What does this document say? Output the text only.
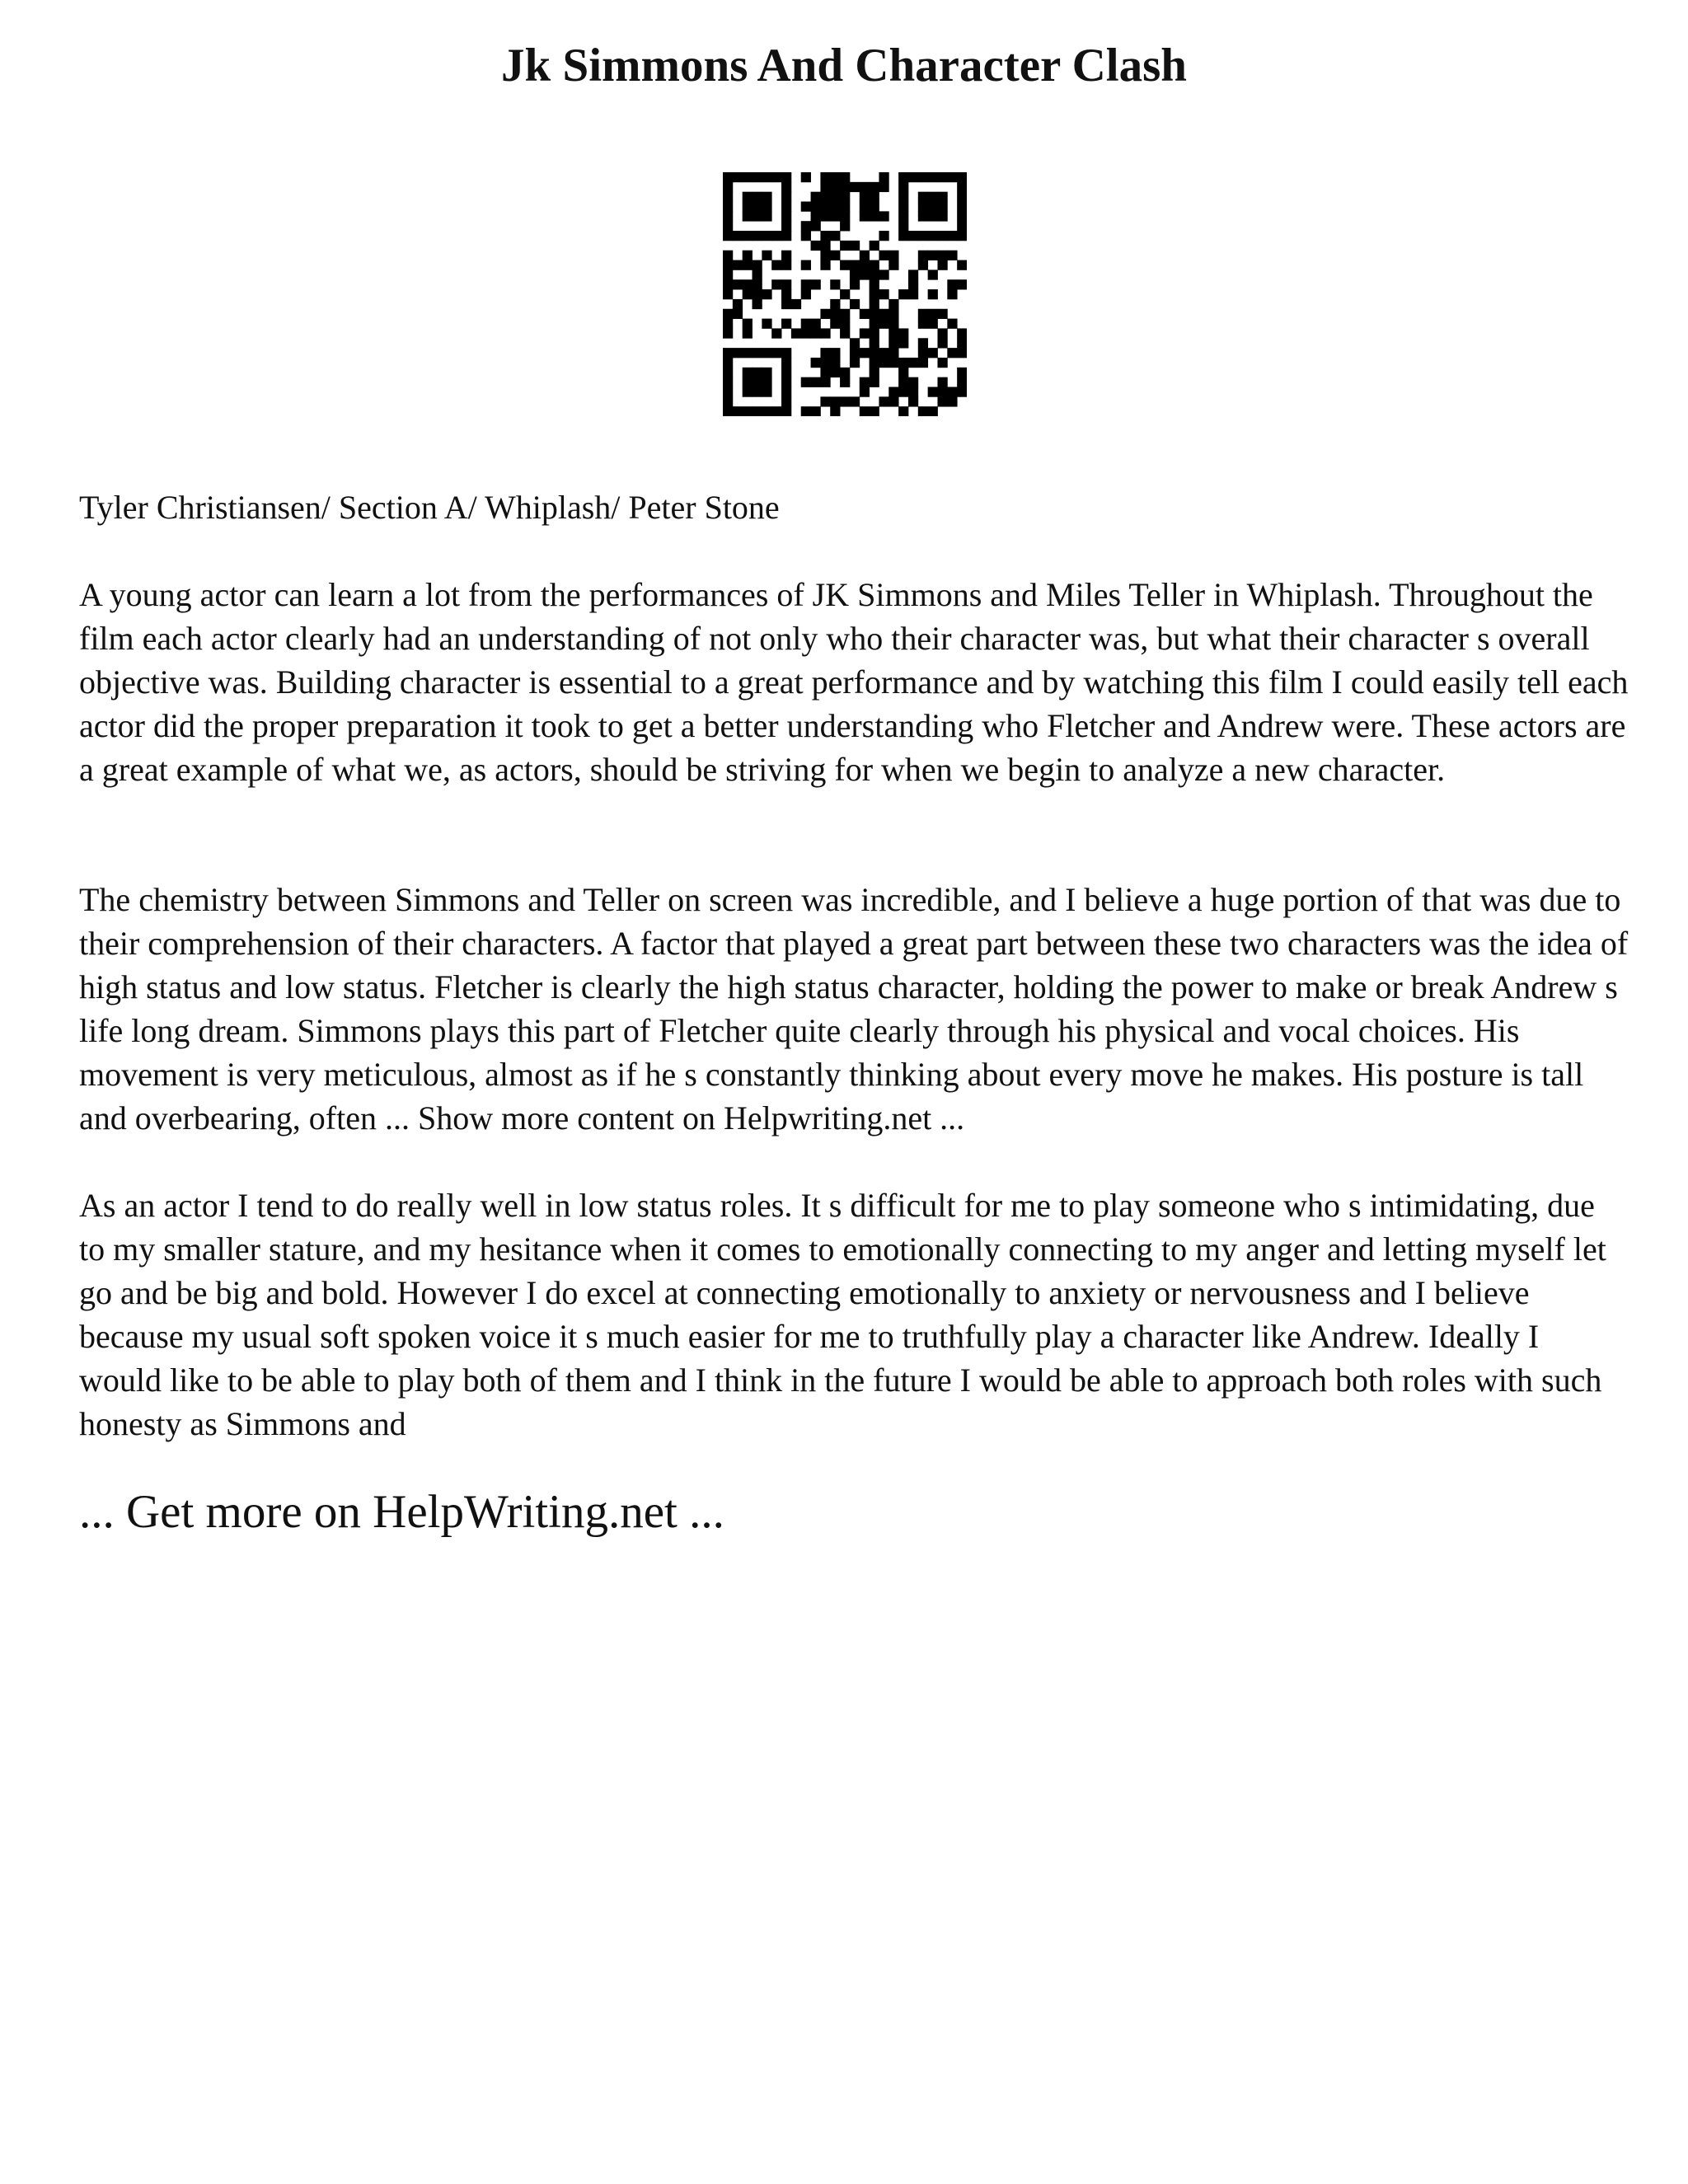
Jk Simmons And Character Clash

Tyler Christiansen/ Section A/ Whiplash/ Peter Stone

A young actor can learn a lot from the performances of JK Simmons and Miles Teller in Whiplash. Throughout the film each actor clearly had an understanding of not only who their character was, but what their character s overall objective was. Building character is essential to a great performance and by watching this film I could easily tell each actor did the proper preparation it took to get a better understanding who Fletcher and Andrew were. These actors are a great example of what we, as actors, should be striving for when we begin to analyze a new character.

The chemistry between Simmons and Teller on screen was incredible, and I believe a huge portion of that was due to their comprehension of their characters. A factor that played a great part between these two characters was the idea of high status and low status. Fletcher is clearly the high status character, holding the power to make or break Andrew s life long dream. Simmons plays this part of Fletcher quite clearly through his physical and vocal choices. His movement is very meticulous, almost as if he s constantly thinking about every move he makes. His posture is tall and overbearing, often ... Show more content on Helpwriting.net ...

As an actor I tend to do really well in low status roles. It s difficult for me to play someone who s intimidating, due to my smaller stature, and my hesitance when it comes to emotionally connecting to my anger and letting myself let go and be big and bold. However I do excel at connecting emotionally to anxiety or nervousness and I believe because my usual soft spoken voice it s much easier for me to truthfully play a character like Andrew. Ideally I would like to be able to play both of them and I think in the future I would be able to approach both roles with such honesty as Simmons and

... Get more on HelpWriting.net ...
